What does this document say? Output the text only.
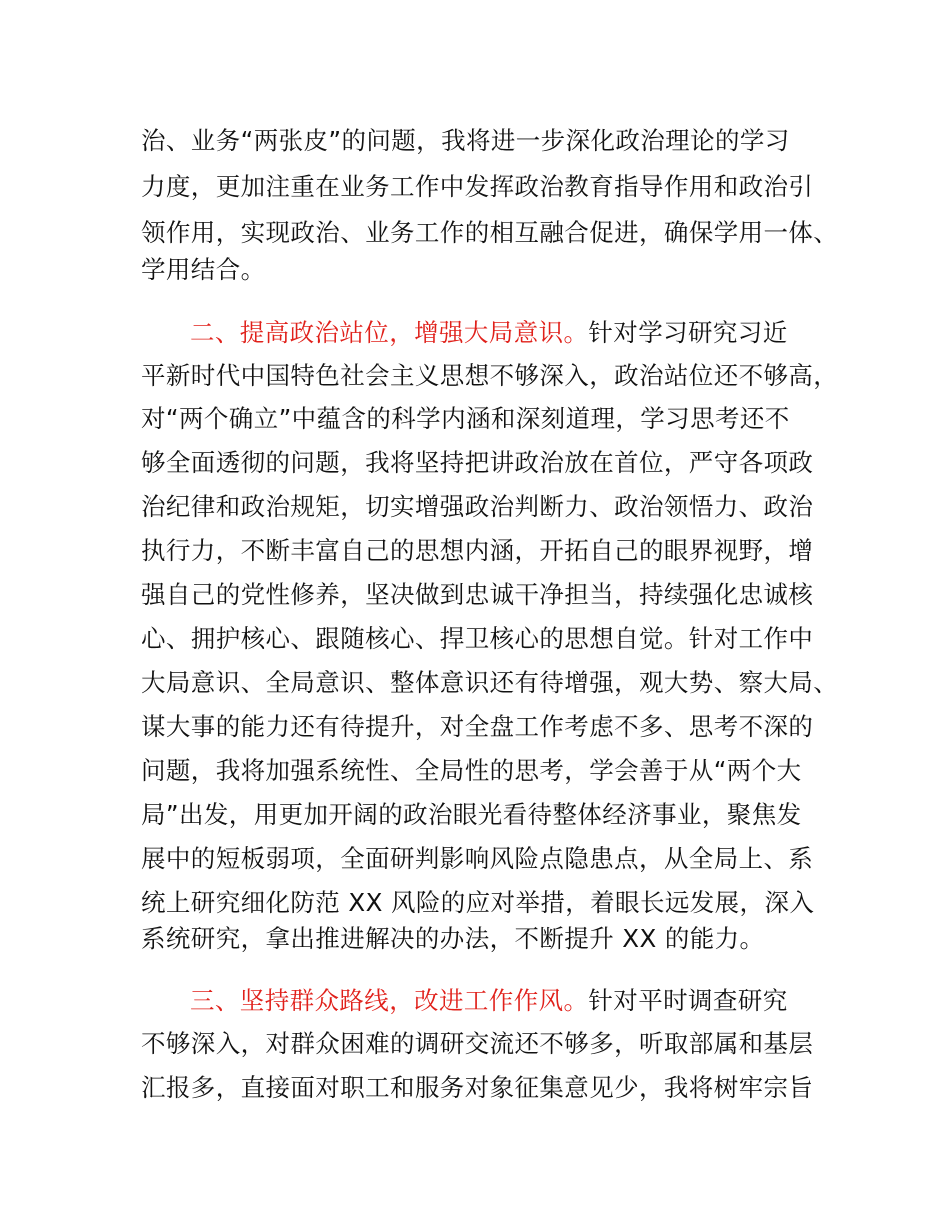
治、业务“两张皮”的问题，我将进一步深化政治理论的学习
力度，更加注重在业务工作中发挥政治教育指导作用和政治引
领作用，实现政治、业务工作的相互融合促进，确保学用一体、
学用结合。
二、提高政治站位，增强大局意识。针对学习研究习近
平新时代中国特色社会主义思想不够深入，政治站位还不够高，
对“两个确立”中蕴含的科学内涵和深刻道理，学习思考还不
够全面透彻的问题，我将坚持把讲政治放在首位，严守各项政
治纪律和政治规矩，切实增强政治判断力、政治领悟力、政治
执行力，不断丰富自己的思想内涵，开拓自己的眼界视野，增
强自己的党性修养，坚决做到忠诚干净担当，持续强化忠诚核
心、拥护核心、跟随核心、捍卫核心的思想自觉。针对工作中
大局意识、全局意识、整体意识还有待增强，观大势、察大局、
谋大事的能力还有待提升，对全盘工作考虑不多、思考不深的
问题，我将加强系统性、全局性的思考，学会善于从“两个大
局”出发，用更加开阔的政治眼光看待整体经济事业，聚焦发
展中的短板弱项，全面研判影响风险点隐患点，从全局上、系
统上研究细化防范 XX 风险的应对举措，着眼长远发展，深入
系统研究，拿出推进解决的办法，不断提升 XX 的能力。
三、坚持群众路线，改进工作作风。针对平时调查研究
不够深入，对群众困难的调研交流还不够多，听取部属和基层
汇报多，直接面对职工和服务对象征集意见少，我将树牢宗旨
